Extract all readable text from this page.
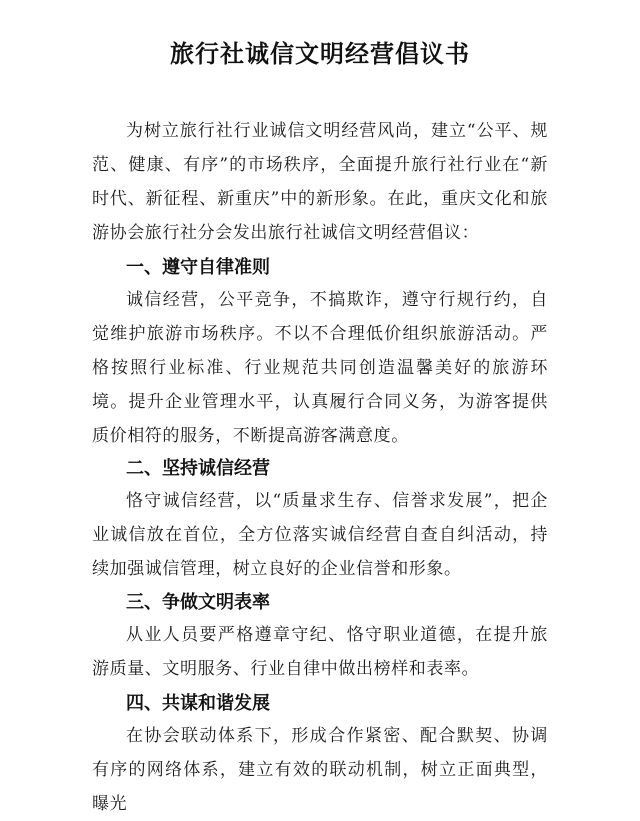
旅行社诚信文明经营倡议书

为树立旅行社行业诚信文明经营风尚，建立“公平、规范、健康、有序”的市场秩序，全面提升旅行社行业在“新时代、新征程、新重庆”中的新形象。在此，重庆文化和旅游协会旅行社分会发出旅行社诚信文明经营倡议：

一、遵守自律准则

诚信经营，公平竞争，不搞欺诈，遵守行规行约，自觉维护旅游市场秩序。不以不合理低价组织旅游活动。严格按照行业标准、行业规范共同创造温馨美好的旅游环境。提升企业管理水平，认真履行合同义务，为游客提供质价相符的服务，不断提高游客满意度。

二、坚持诚信经营

恪守诚信经营，以“质量求生存、信誉求发展”，把企业诚信放在首位，全方位落实诚信经营自查自纠活动，持续加强诚信管理，树立良好的企业信誉和形象。

三、争做文明表率

从业人员要严格遵章守纪、恪守职业道德，在提升旅游质量、文明服务、行业自律中做出榜样和表率。

四、共谋和谐发展

在协会联动体系下，形成合作紧密、配合默契、协调有序的网络体系，建立有效的联动机制，树立正面典型，曝光
